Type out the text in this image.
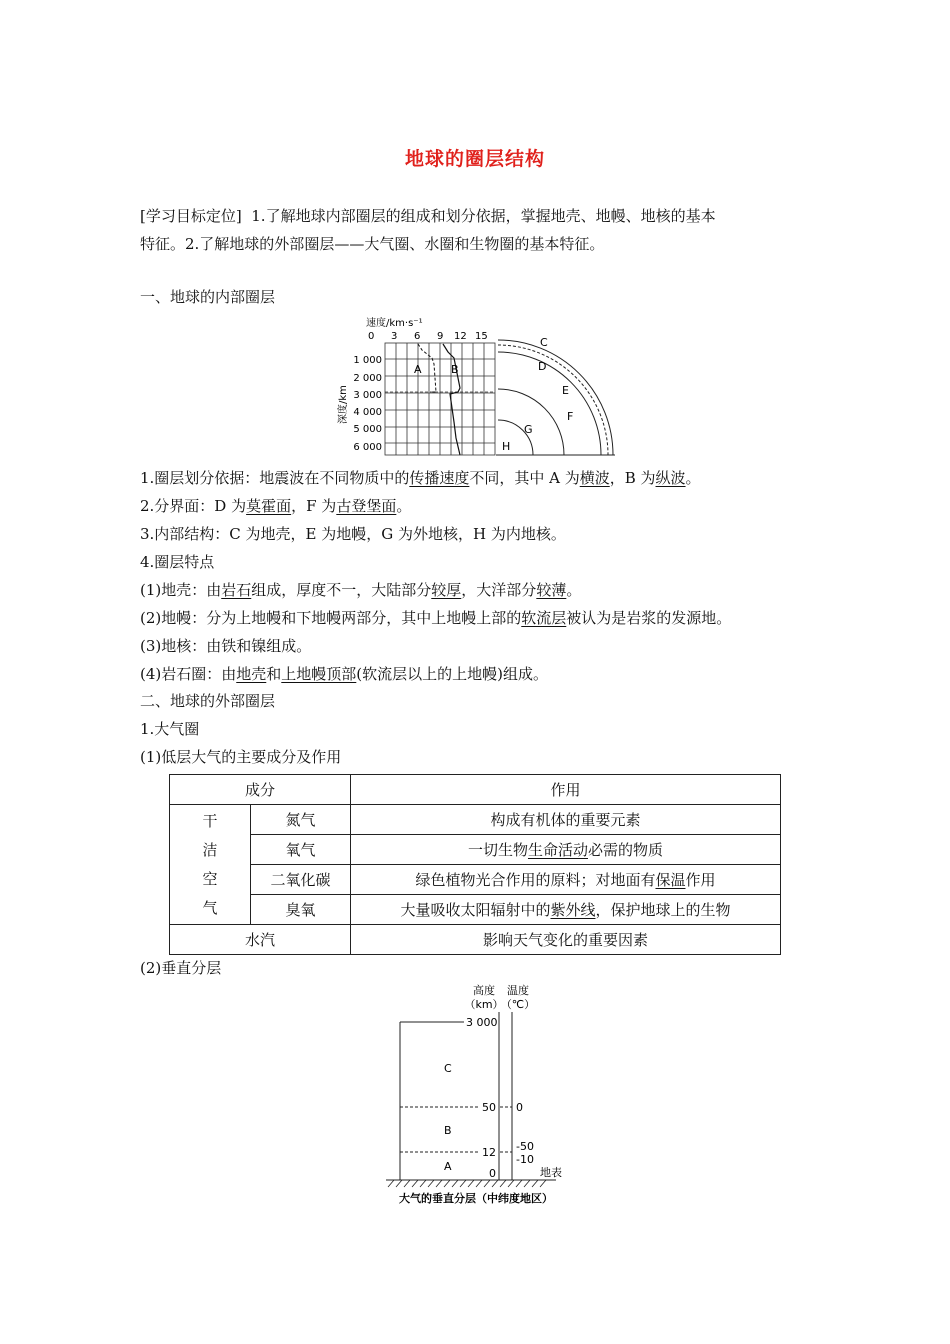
地球的圈层结构
[学习目标定位] 1.了解地球内部圈层的组成和划分依据，掌握地壳、地幔、地核的基本
特征。2.了解地球的外部圈层——大气圈、水圈和生物圈的基本特征。
一、地球的内部圈层
速度/km·s⁻¹
0 3 6 9 12 15
1 000
2 000
3 000
4 000
5 000
6 000
深度/km
A	B
C
D
E
F
G
H
1.圈层划分依据：地震波在不同物质中的传播速度不同，其中 A 为横波，B 为纵波。
2.分界面：D 为莫霍面，F 为古登堡面。
3.内部结构：C 为地壳，E 为地幔，G 为外地核，H 为内地核。
4.圈层特点
(1)地壳：由岩石组成，厚度不一，大陆部分较厚，大洋部分较薄。
(2)地幔：分为上地幔和下地幔两部分，其中上地幔上部的软流层被认为是岩浆的发源地。
(3)地核：由铁和镍组成。
(4)岩石圈：由地壳和上地幔顶部(软流层以上的上地幔)组成。
二、地球的外部圈层
1.大气圈
(1)低层大气的主要成分及作用
成分		作用

干
洁
空
气	氮气	构成有机体的重要元素
	氧气	一切生物生命活动必需的物质
	二氧化碳	绿色植物光合作用的原料；对地面有保温作用
	臭氧	大量吸收太阳辐射中的紫外线，保护地球上的生物
水汽		影响天气变化的重要因素
(2)垂直分层
高度
（km）
温度
（℃）
3 000
50
12
0
0
-50
-10
C
B
A	地表
大气的垂直分层（中纬度地区）
